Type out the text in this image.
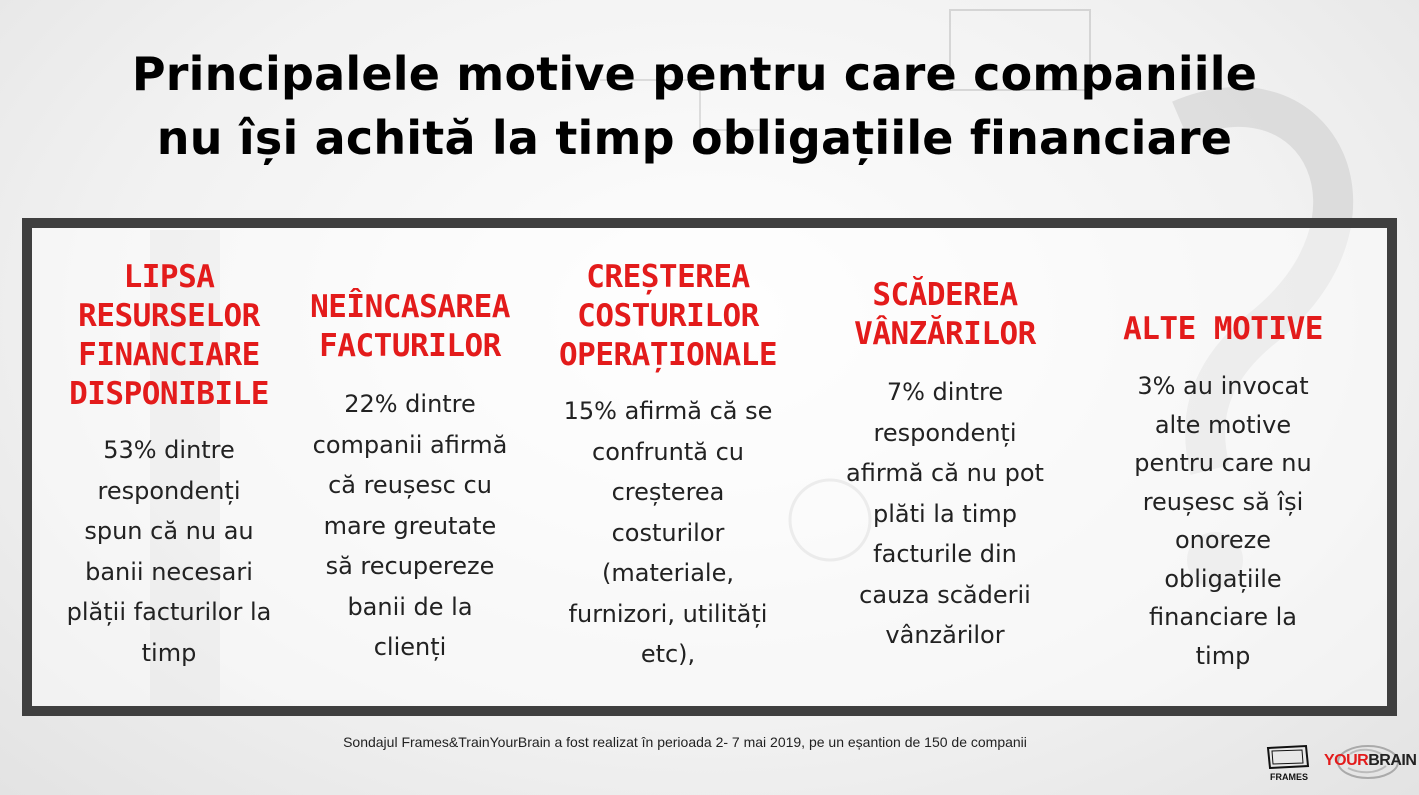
Principalele motive pentru care companiile
nu își achită la timp obligațiile financiare
LIPSA
RESURSELOR
FINANCIARE
DISPONIBILE
53% dintre
respondenți
spun că nu au
banii necesari
plății facturilor la
timp
NEÎNCASAREA
FACTURILOR
22% dintre
companii afirmă
că reușesc cu
mare greutate
să recupereze
banii de la
clienți
CREȘTEREA
COSTURILOR
OPERAȚIONALE
15% afirmă că se
confruntă cu
creșterea
costurilor
(materiale,
furnizori, utilități
etc),
SCĂDEREA
VÂNZĂRILOR
7% dintre
respondenți
afirmă că nu pot
plăti la timp
facturile din
cauza scăderii
vânzărilor
ALTE MOTIVE
3% au invocat
alte motive
pentru care nu
reușesc să își
onoreze
obligațiile
financiare la
timp
Sondajul Frames&TrainYourBrain a fost realizat în perioada 2- 7 mai 2019, pe un eșantion de 150 de companii
FRAMES
YOURBRAIN
